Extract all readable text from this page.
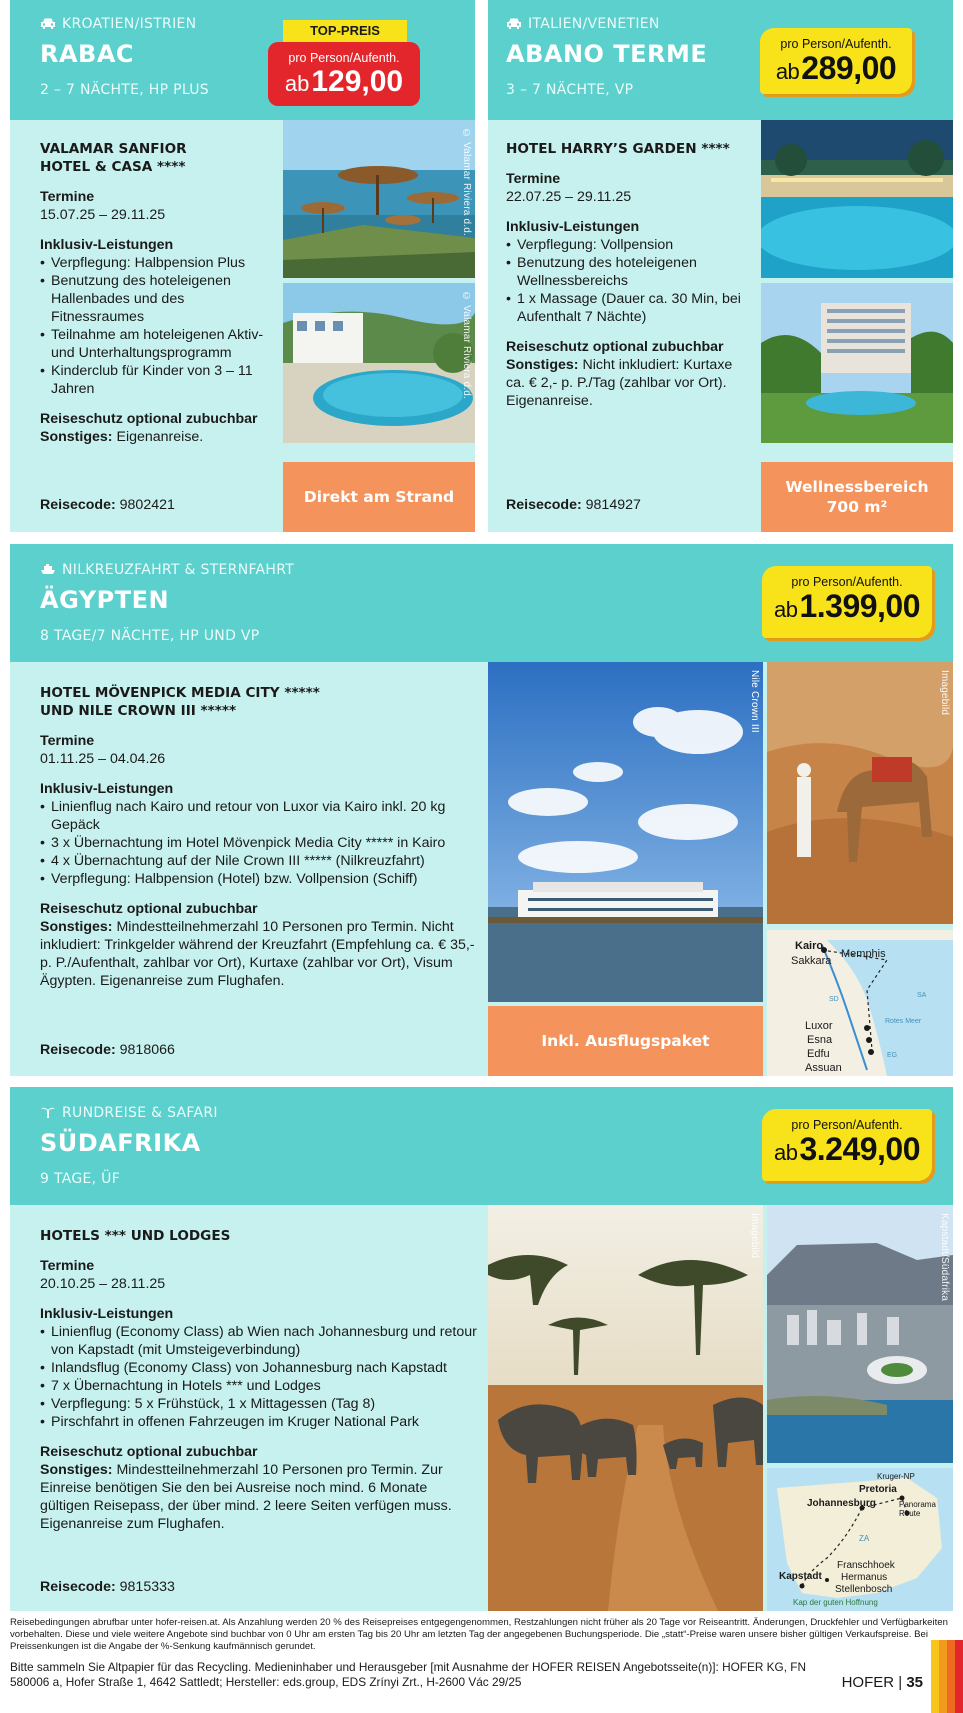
KROATIEN/ISTRIEN
RABAC
2 – 7 NÄCHTE, HP PLUS
VALAMAR SANFIOR
HOTEL & CASA ****
Termine
15.07.25 – 29.11.25
Inklusiv-Leistungen
• Verpflegung: Halbpension Plus
• Benutzung des hoteleigenen Hallenbades und des Fitnessraumes
• Teilnahme am hoteleigenen Aktiv- und Unterhaltungsprogramm
• Kinderclub für Kinder von 3 – 11 Jahren
Reiseschutz optional zubuchbar
Sonstiges: Eigenanreise.
Reisecode: 9802421
© Valamar Riviera d.d.
© Valamar Riviera d.d.
Direkt am Strand
TOP-PREIS
pro Person/Aufenth.
ab129,00
ITALIEN/VENETIEN
ABANO TERME
3 – 7 NÄCHTE, VP
HOTEL HARRY’S GARDEN ****
Termine
22.07.25 – 29.11.25
Inklusiv-Leistungen
• Verpflegung: Vollpension
• Benutzung des hoteleigenen Wellnessbereichs
• 1 x Massage (Dauer ca. 30 Min, bei Aufenthalt 7 Nächte)
Reiseschutz optional zubuchbar
Sonstiges: Nicht inkludiert: Kurtaxe ca. € 2,- p. P./Tag (zahlbar vor Ort). Eigenanreise.
Reisecode: 9814927
Wellnessbereich
700 m²
pro Person/Aufenth.
ab289,00
NILKREUZFAHRT & STERNFAHRT
ÄGYPTEN
8 TAGE/7 NÄCHTE, HP UND VP
HOTEL MÖVENPICK MEDIA CITY *****
UND NILE CROWN III *****
Termine
01.11.25 – 04.04.26
Inklusiv-Leistungen
• Linienflug nach Kairo und retour von Luxor via Kairo inkl. 20 kg Gepäck
• 3 x Übernachtung im Hotel Mövenpick Media City ***** in Kairo
• 4 x Übernachtung auf der Nile Crown III ***** (Nilkreuzfahrt)
• Verpflegung: Halbpension (Hotel) bzw. Vollpension (Schiff)
Reiseschutz optional zubuchbar
Sonstiges: Mindestteilnehmerzahl 10 Personen pro Termin. Nicht inkludiert: Trinkgelder während der Kreuzfahrt (Empfehlung ca. € 35,- p. P./Aufenthalt, zahlbar vor Ort), Kurtaxe (zahlbar vor Ort), Visum Ägypten. Eigenanreise zum Flughafen.
Reisecode: 9818066
Nile Crown III	Imagebild
Kairo
Sakkara
Memphis
Luxor
Esna
Edfu
Assuan
Rotes Meer
SA
EG
SD
Inkl. Ausflugspaket
pro Person/Aufenth.
ab1.399,00
RUNDREISE & SAFARI
SÜDAFRIKA
9 TAGE, ÜF
HOTELS *** UND LODGES
Termine
20.10.25 – 28.11.25
Inklusiv-Leistungen
• Linienflug (Economy Class) ab Wien nach Johannesburg und retour von Kapstadt (mit Umsteigeverbindung)
• Inlandsflug (Economy Class) von Johannesburg nach Kapstadt
• 7 x Übernachtung in Hotels *** und Lodges
• Verpflegung: 5 x Frühstück, 1 x Mittagessen (Tag 8)
• Pirschfahrt in offenen Fahrzeugen im Kruger National Park
Reiseschutz optional zubuchbar
Sonstiges: Mindestteilnehmerzahl 10 Personen pro Termin. Zur Einreise benötigen Sie den bei Ausreise noch mind. 6 Monate gültigen Reisepass, der über mind. 2 leere Seiten verfügen muss. Eigenanreise zum Flughafen.
Reisecode: 9815333
Imagebild	Kapstadt/Südafrika
Kruger-NP
Pretoria
Johannesburg	Panorama Route
ZA
Franschhoek
Hermanus
Stellenbosch
Kapstadt
Kap der guten Hoffnung
pro Person/Aufenth.
ab3.249,00
Reisebedingungen abrufbar unter hofer-reisen.at. Als Anzahlung werden 20 % des Reisepreises entgegengenommen, Restzahlungen nicht früher als 20 Tage vor Reiseantritt. Änderungen, Druckfehler und Verfügbarkeiten vorbehalten. Diese und viele weitere Angebote sind buchbar von 0 Uhr am ersten Tag bis 20 Uhr am letzten Tag der angegebenen Buchungsperiode. Die „statt“-Preise waren unsere bisher gültigen Verkaufspreise. Bei Preissenkungen ist die Angabe der %-Senkung kaufmännisch gerundet.
Bitte sammeln Sie Altpapier für das Recycling. Medieninhaber und Herausgeber [mit Ausnahme der HOFER REISEN Angebotsseite(n)]: HOFER KG, FN 580006 a, Hofer Straße 1, 4642 Sattledt; Hersteller: eds.group, EDS Zrínyi Zrt., H-2600 Vác 29/25	HOFER | 35
